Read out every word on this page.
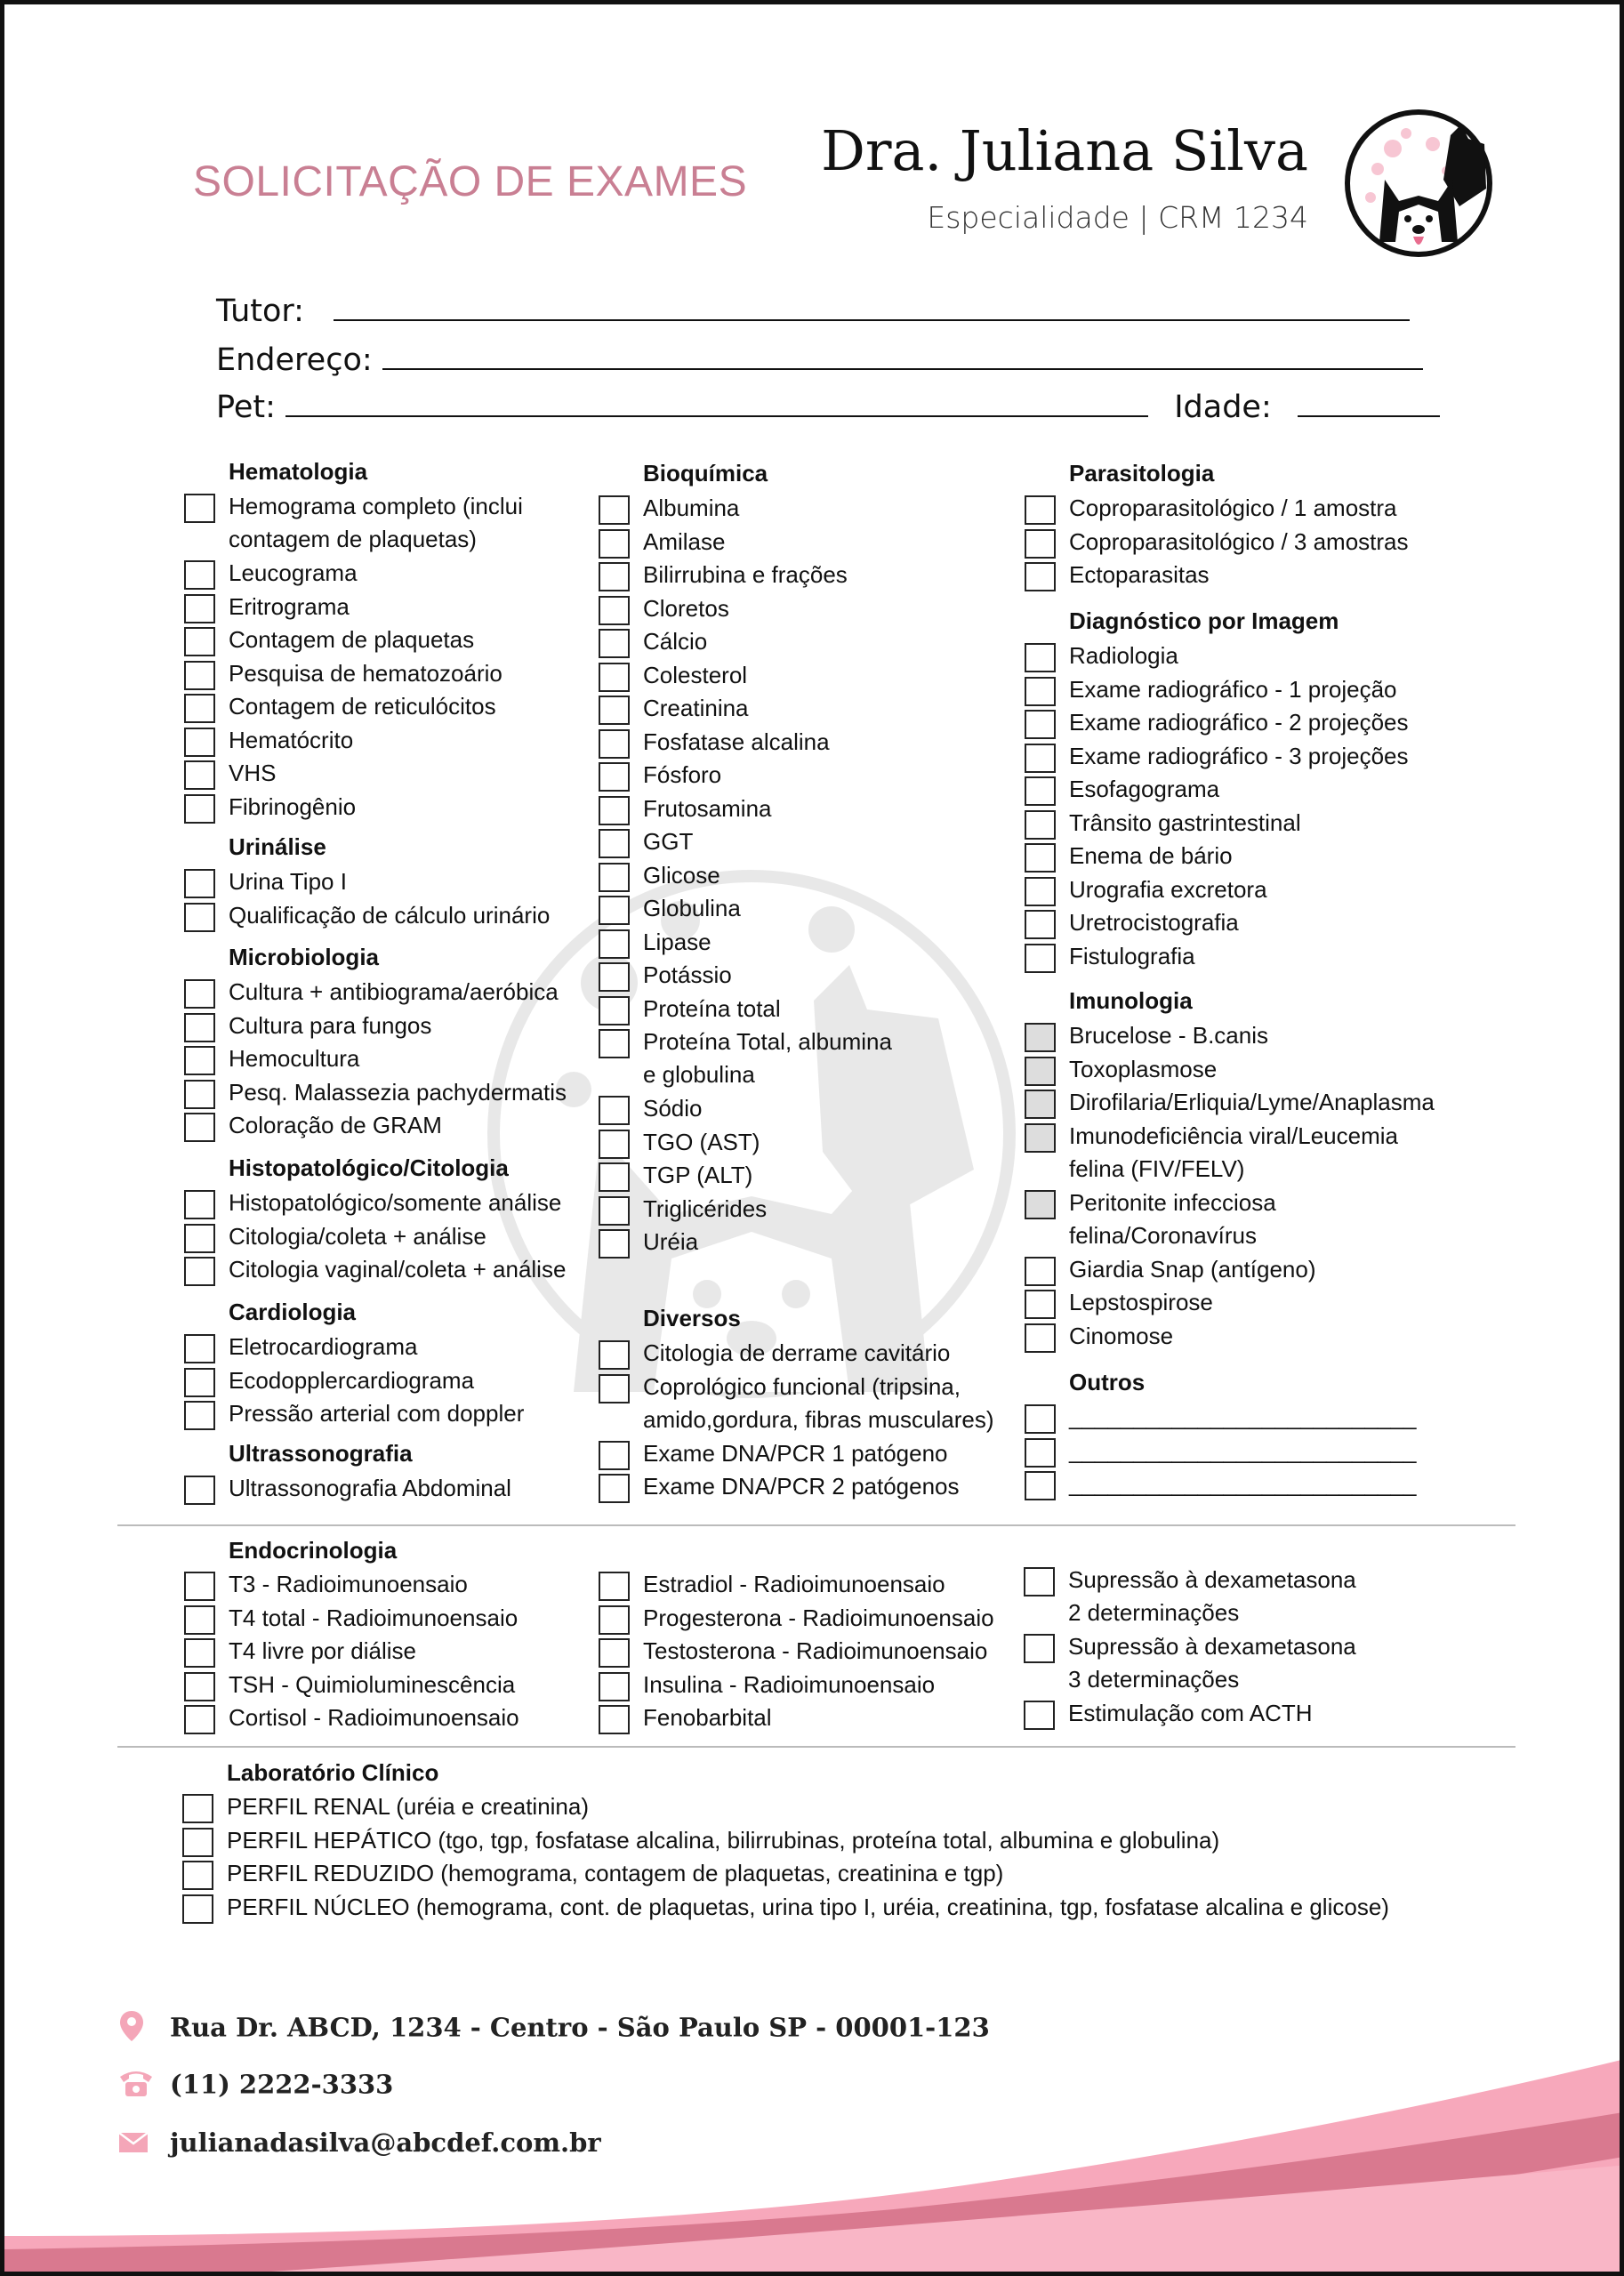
SOLICITAÇÃO DE EXAMES Dra. Juliana Silva
Especialidade | CRM 1234
Tutor:
Endereço:
Pet:	Idade:
Hematologia
Hemograma completo (inclui
contagem de plaquetas)
Leucograma
Eritrograma
Contagem de plaquetas
Pesquisa de hematozoário
Contagem de reticulócitos
Hematócrito
VHS
Fibrinogênio
Urinálise
Urina Tipo I
Qualificação de cálculo urinário
Microbiologia
Cultura + antibiograma/aeróbica
Cultura para fungos
Hemocultura
Pesq. Malassezia pachydermatis
Coloração de GRAM
Histopatológico/Citologia
Histopatológico/somente análise
Citologia/coleta + análise
Citologia vaginal/coleta + análise
Cardiologia
Eletrocardiograma
Ecodopplercardiograma
Pressão arterial com doppler
Ultrassonografia
Ultrassonografia Abdominal
Bioquímica
Albumina
Amilase
Bilirrubina e frações
Cloretos
Cálcio
Colesterol
Creatinina
Fosfatase alcalina
Fósforo
Frutosamina
GGT
Glicose
Globulina
Lipase
Potássio
Proteína total
Proteína Total, albumina
e globulina
Sódio
TGO (AST)
TGP (ALT)
Triglicérides
Uréia
Diversos
Citologia de derrame cavitário
Coprológico funcional (tripsina,
amido,gordura, fibras musculares)
Exame DNA/PCR 1 patógeno
Exame DNA/PCR 2 patógenos
Parasitologia
Coproparasitológico / 1 amostra
Coproparasitológico / 3 amostras
Ectoparasitas
Diagnóstico por Imagem
Radiologia
Exame radiográfico - 1 projeção
Exame radiográfico - 2 projeções
Exame radiográfico - 3 projeções
Esofagograma
Trânsito gastrintestinal
Enema de bário
Urografia excretora
Uretrocistografia
Fistulografia
Imunologia
Brucelose - B.canis
Toxoplasmose
Dirofilaria/Erliquia/Lyme/Anaplasma
Imunodeficiência viral/Leucemia
felina (FIV/FELV)
Peritonite infecciosa
felina/Coronavírus
Giardia Snap (antígeno)
Lepstospirose
Cinomose
Outros
___________________________
___________________________
___________________________
Endocrinologia
T3 - Radioimunoensaio
T4 total - Radioimunoensaio
T4 livre por diálise
TSH - Quimioluminescência
Cortisol - Radioimunoensaio
Estradiol - Radioimunoensaio
Progesterona - Radioimunoensaio
Testosterona - Radioimunoensaio
Insulina - Radioimunoensaio
Fenobarbital
Supressão à dexametasona
2 determinações
Supressão à dexametasona
3 determinações
Estimulação com ACTH
Laboratório Clínico
PERFIL RENAL (uréia e creatinina)
PERFIL HEPÁTICO (tgo, tgp, fosfatase alcalina, bilirrubinas, proteína total, albumina e globulina)
PERFIL REDUZIDO (hemograma, contagem de plaquetas, creatinina e tgp)
PERFIL NÚCLEO (hemograma, cont. de plaquetas, urina tipo I, uréia, creatinina, tgp, fosfatase alcalina e glicose)
Rua Dr. ABCD, 1234 - Centro - São Paulo SP - 00001-123
(11) 2222-3333
julianadasilva@abcdef.com.br
